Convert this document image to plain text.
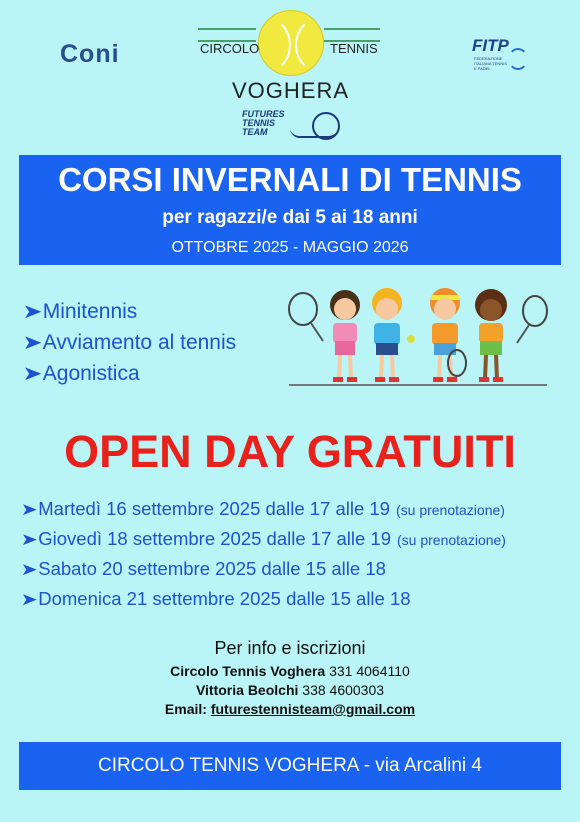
Coni	CIRCOLO	TENNIS
VOGHERA
FUTURES
TENNIS
TEAM
FITP
FEDERAZIONE ITALIANA TENNIS E PADEL
CORSI INVERNALI DI TENNIS
per ragazzi/e dai 5 ai 18 anni
OTTOBRE 2025 - MAGGIO 2026
➤ Minitennis
➤ Avviamento al tennis
➤ Agonistica
OPEN DAY GRATUITI
➤ Martedì 16 settembre 2025 dalle 17 alle 19 (su prenotazione)
➤ Giovedì 18 settembre 2025 dalle 17 alle 19 (su prenotazione)
➤ Sabato 20 settembre 2025 dalle 15 alle 18
➤ Domenica 21 settembre 2025 dalle 15 alle 18
Per info e iscrizioni
Circolo Tennis Voghera 331 4064110
Vittoria Beolchi 338 4600303
Email: futurestennisteam@gmail.com
CIRCOLO TENNIS VOGHERA - via Arcalini 4
